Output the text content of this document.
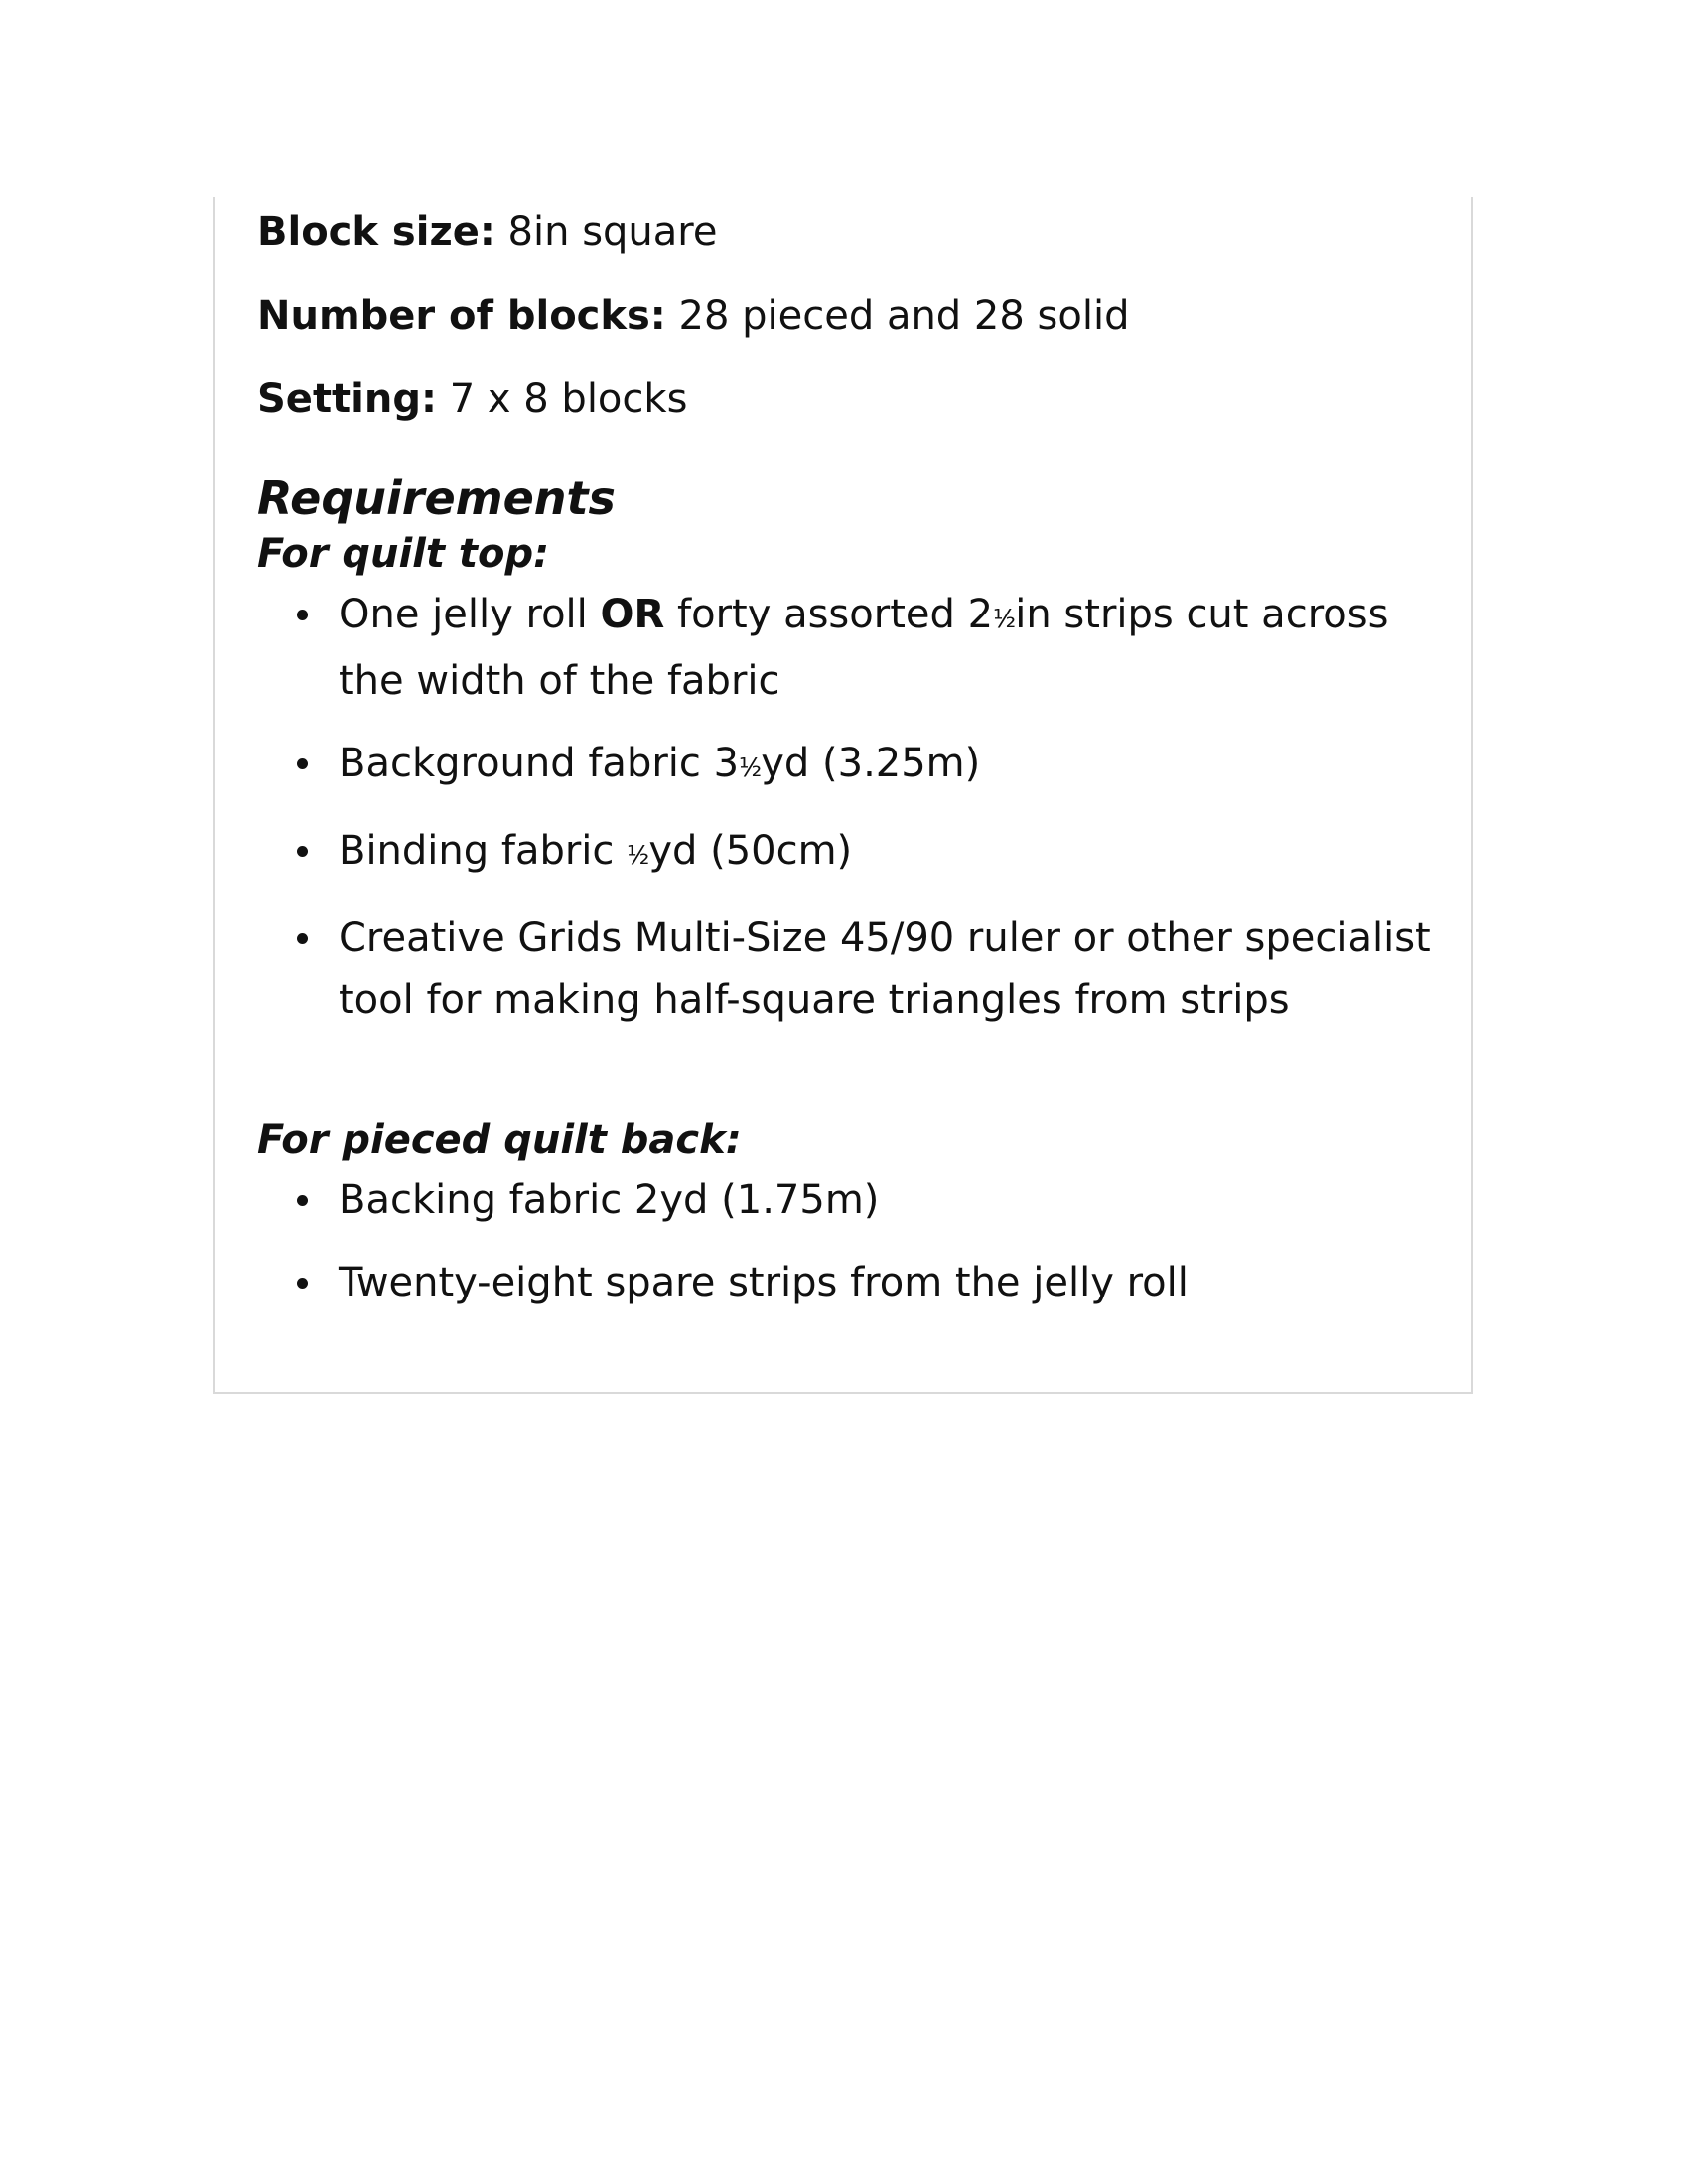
Block size: 8in square

Number of blocks: 28 pieced and 28 solid

Setting: 7 x 8 blocks

Requirements
For quilt top:
One jelly roll OR forty assorted 2¹⁄₂in strips cut across the width of the fabric
Background fabric 3¹⁄₂yd (3.25m)
Binding fabric ¹⁄₂yd (50cm)
Creative Grids Multi-Size 45/90 ruler or other specialist tool for making half-square triangles from strips
For pieced quilt back:
Backing fabric 2yd (1.75m)
Twenty-eight spare strips from the jelly roll
